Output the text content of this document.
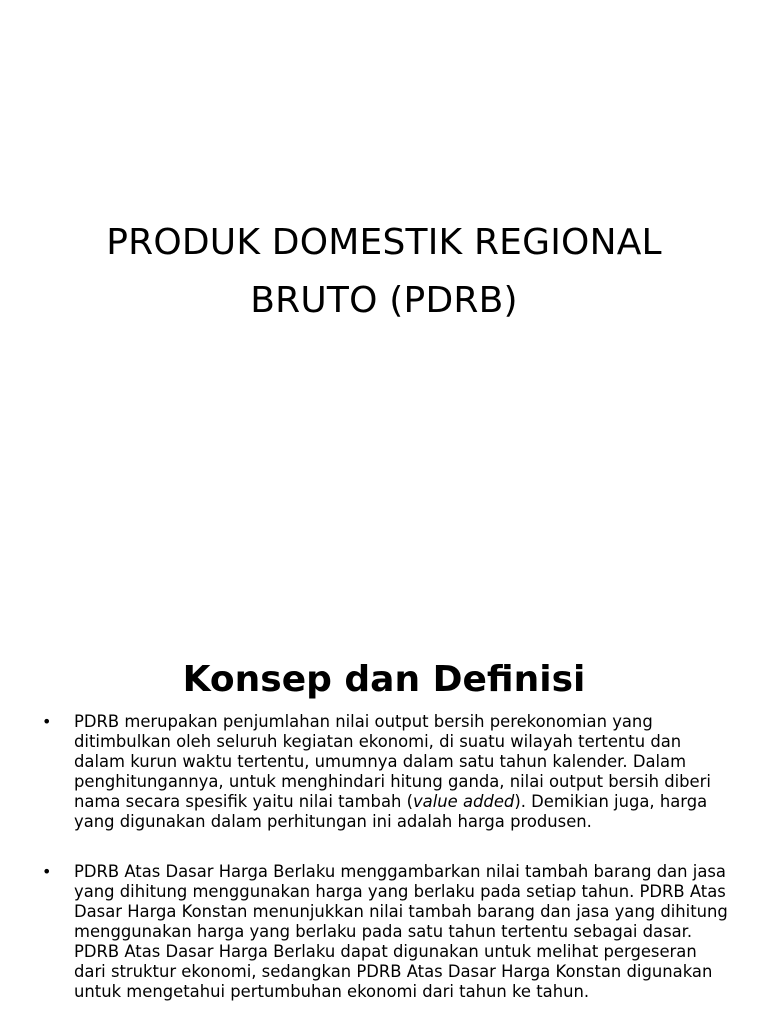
PRODUK DOMESTIK REGIONAL
BRUTO (PDRB)
Konsep dan Definisi
• PDRB merupakan penjumlahan nilai output bersih perekonomian yang ditimbulkan oleh seluruh kegiatan ekonomi, di suatu wilayah tertentu dan dalam kurun waktu tertentu, umumnya dalam satu tahun kalender. Dalam penghitungannya, untuk menghindari hitung ganda, nilai output bersih diberi nama secara spesifik yaitu nilai tambah (value added). Demikian juga, harga yang digunakan dalam perhitungan ini adalah harga produsen.
• PDRB Atas Dasar Harga Berlaku menggambarkan nilai tambah barang dan jasa yang dihitung menggunakan harga yang berlaku pada setiap tahun. PDRB Atas Dasar Harga Konstan menunjukkan nilai tambah barang dan jasa yang dihitung menggunakan harga yang berlaku pada satu tahun tertentu sebagai dasar. PDRB Atas Dasar Harga Berlaku dapat digunakan untuk melihat pergeseran dari struktur ekonomi, sedangkan PDRB Atas Dasar Harga Konstan digunakan untuk mengetahui pertumbuhan ekonomi dari tahun ke tahun.
